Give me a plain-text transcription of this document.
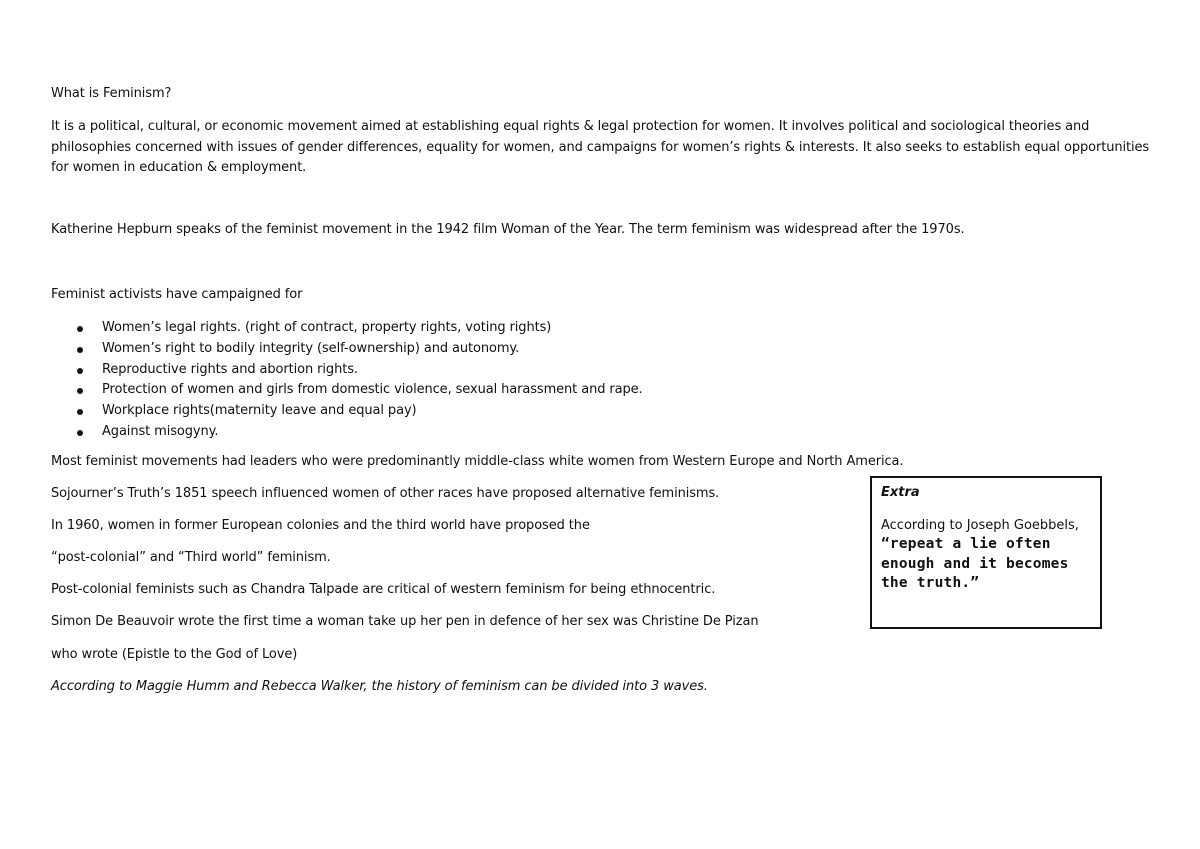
What is Feminism?
It is a political, cultural, or economic movement aimed at establishing equal rights & legal protection for women. It involves political and sociological theories and
philosophies concerned with issues of gender differences, equality for women, and campaigns for women’s rights & interests. It also seeks to establish equal opportunities
for women in education & employment.
Katherine Hepburn speaks of the feminist movement in the 1942 film Woman of the Year. The term feminism was widespread after the 1970s.
Feminist activists have campaigned for
Women’s legal rights. (right of contract, property rights, voting rights)
Women’s right to bodily integrity (self-ownership) and autonomy.
Reproductive rights and abortion rights.
Protection of women and girls from domestic violence, sexual harassment and rape.
Workplace rights(maternity leave and equal pay)
Against misogyny.
Most feminist movements had leaders who were predominantly middle-class white women from Western Europe and North America.
Sojourner’s Truth’s 1851 speech influenced women of other races have proposed alternative feminisms.
In 1960, women in former European colonies and the third world have proposed the
“post-colonial” and “Third world” feminism.
Post-colonial feminists such as Chandra Talpade are critical of western feminism for being ethnocentric.
Simon De Beauvoir wrote the first time a woman take up her pen in defence of her sex was Christine De Pizan
who wrote (Epistle to the God of Love)
According to Maggie Humm and Rebecca Walker, the history of feminism can be divided into 3 waves.
Extra
According to Joseph Goebbels,
“repeat a lie often enough and it becomes the truth.”
